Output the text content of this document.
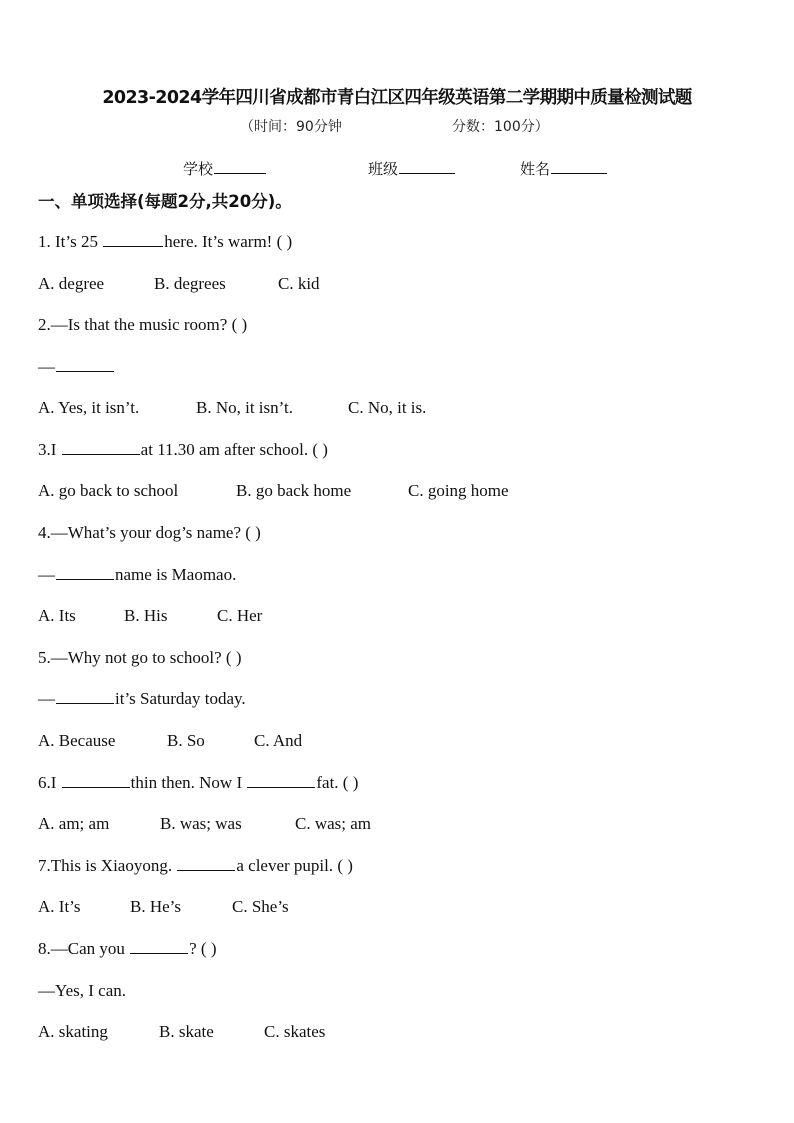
2023-2024学年四川省成都市青白江区四年级英语第二学期期中质量检测试题
（时间：90分钟	分数：100分）
学校	班级	姓名
一、单项选择(每题2分,共20分)。
1. It’s 25	here. It’s warm! ( )
A. degree	B. degrees	C. kid
2.—Is that the music room? ( )
—
A. Yes, it isn’t.	B. No, it isn’t.	C. No, it is.
3.I	at 11.30 am after school. ( )
A. go back to school	B. go back home	C. going home
4.—What’s your dog’s name? ( )
—	name is Maomao.
A. Its	B. His	C. Her
5.—Why not go to school? ( )
—	it’s Saturday today.
A. Because	B. So	C. And
6.I	thin then. Now I	fat. ( )
A. am; am	B. was; was	C. was; am
7.This is Xiaoyong.	a clever pupil. ( )
A. It’s	B. He’s	C. She’s
8.—Can you	? ( )
—Yes, I can.
A. skating	B. skate	C. skates
